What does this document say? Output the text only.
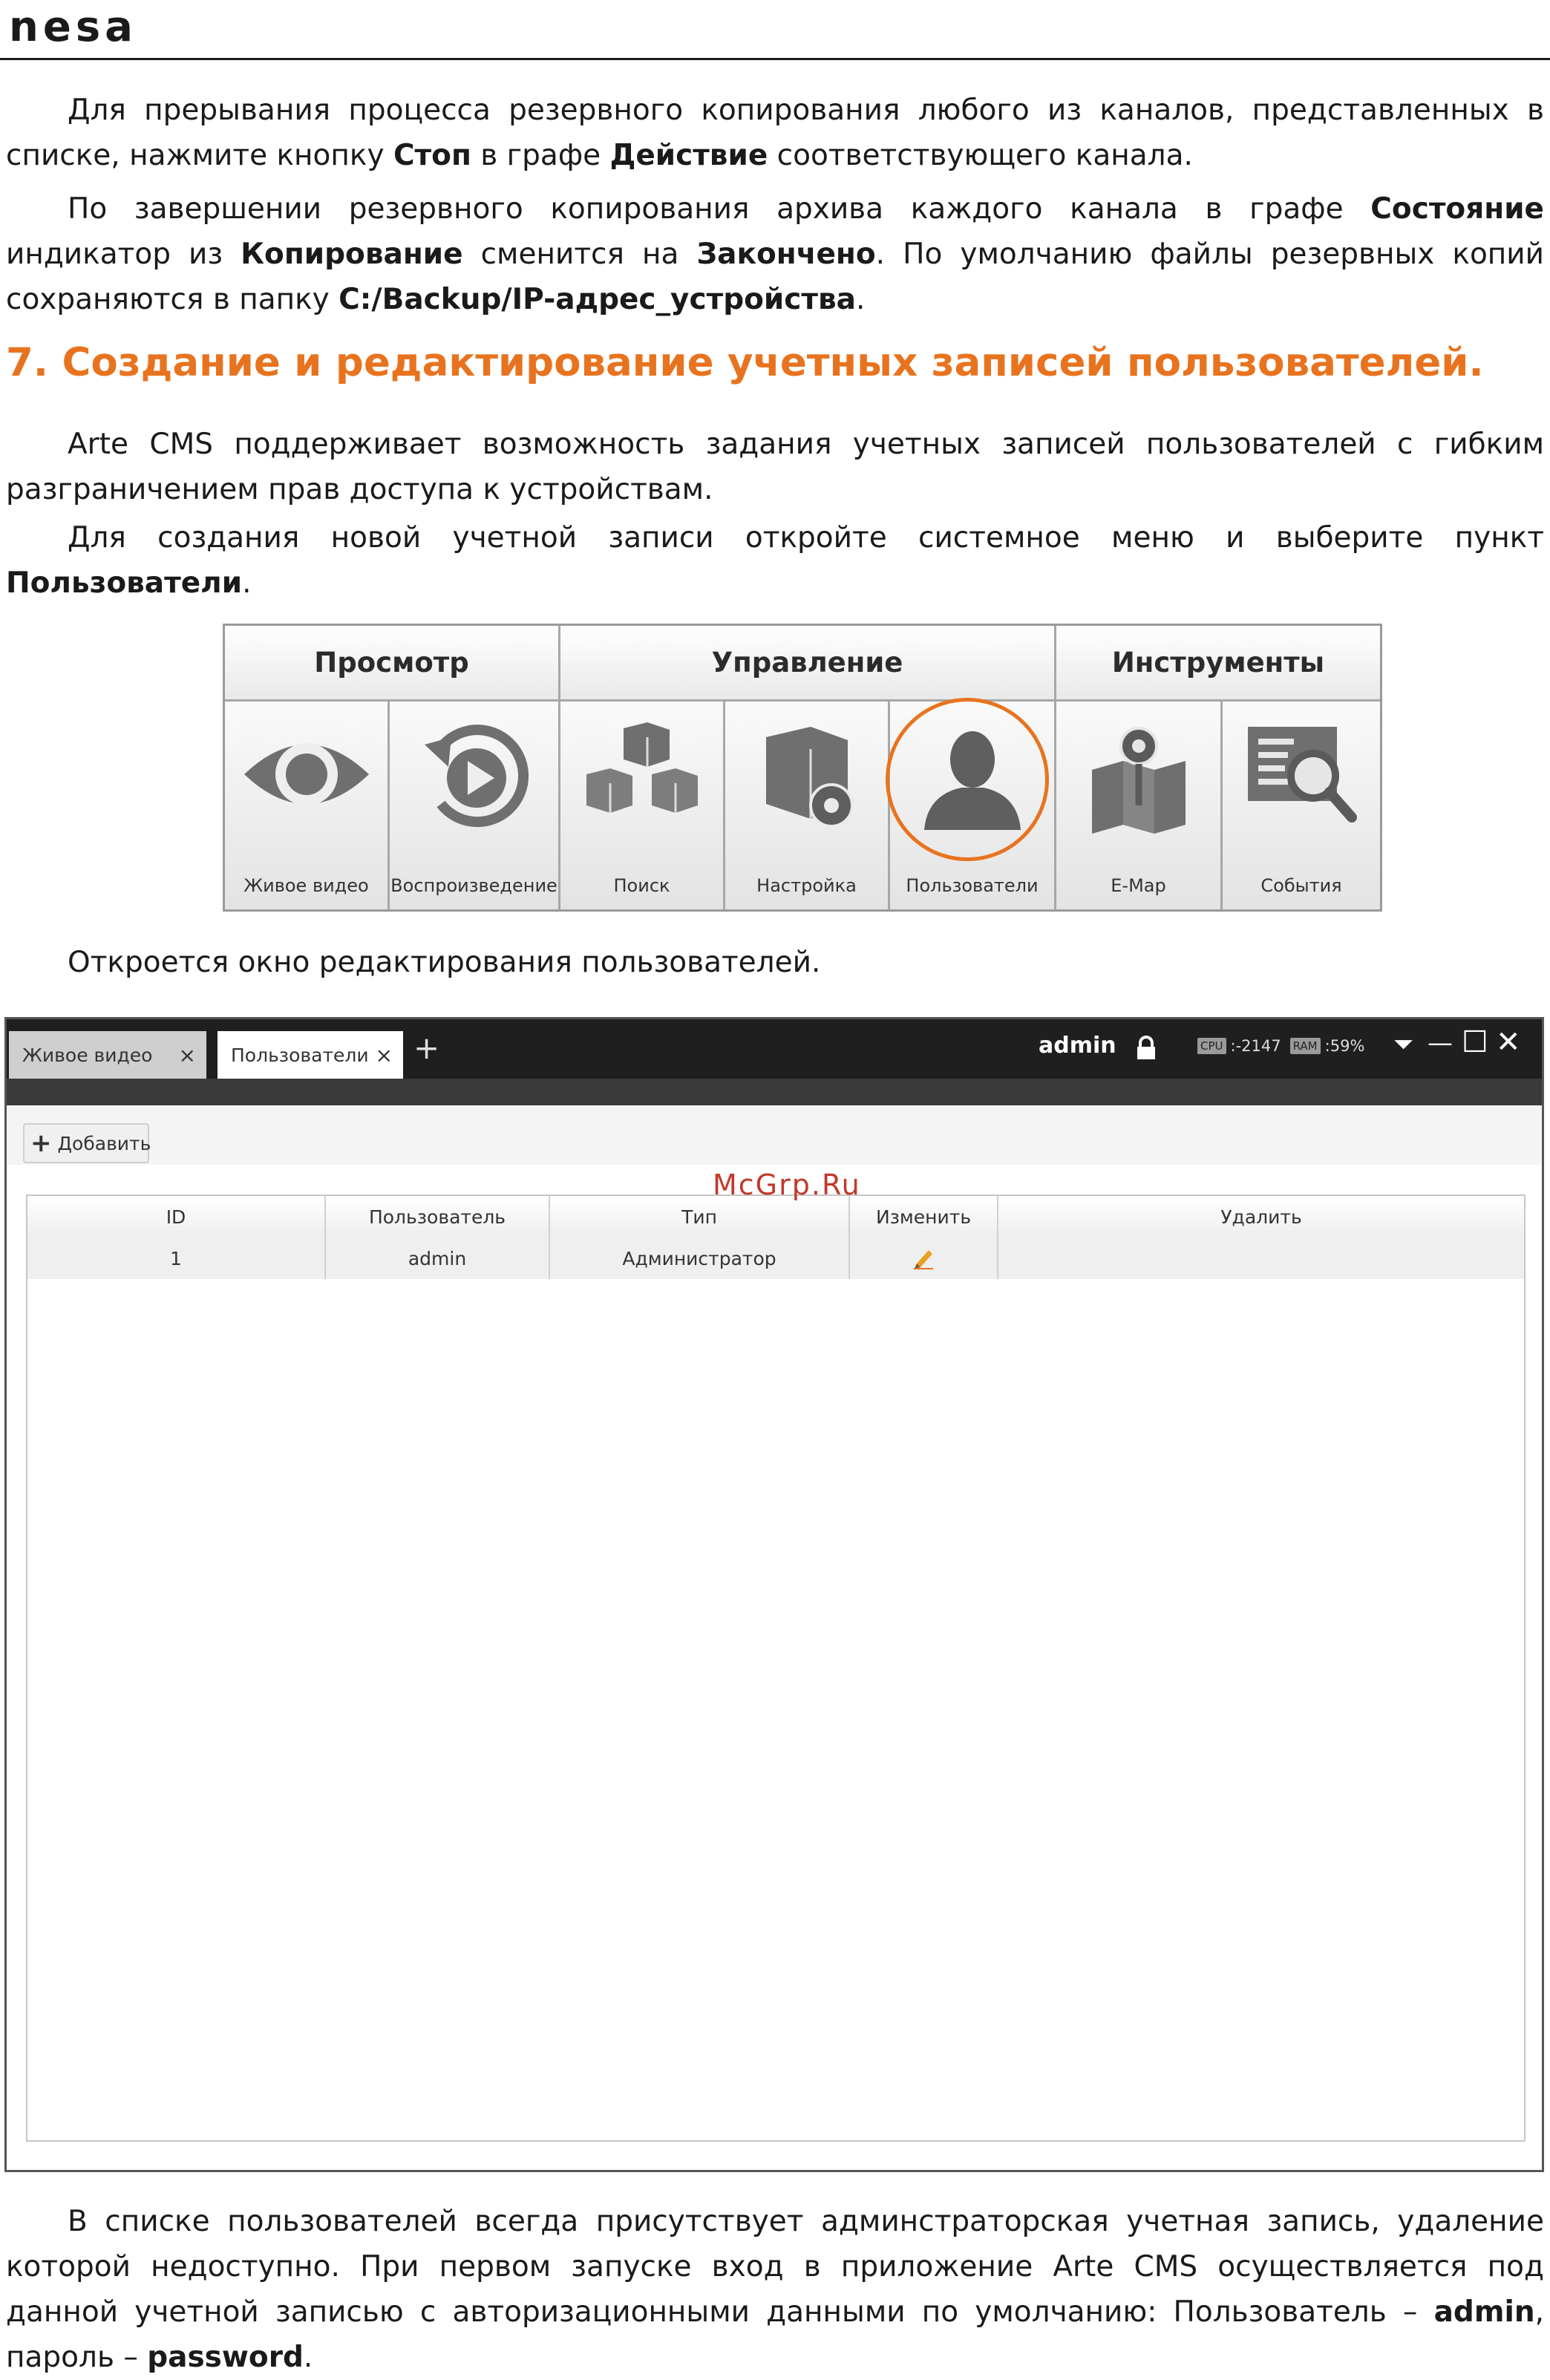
nesa
Для прерывания процесса резервного копирования любого из каналов, представленных в списке, нажмите кнопку Стоп в графе Действие соответствующего канала.
По завершении резервного копирования архива каждого канала в графе Состояние индикатор из Копирование сменится на Закончено. По умолчанию файлы резервных копий сохраняются в папку C:/Backup/IP-адрес_устройства.
7. Создание и редактирование учетных записей пользователей.
Arte CMS поддерживает возможность задания учетных записей пользователей с гибким разграничением прав доступа к устройствам.
Для создания новой учетной записи откройте системное меню и выберите пункт Пользователи.
Просмотр	Управление	Инструменты
Живое видео	Воспроизведение	Поиск	Настройка	Пользователи	E-Map	События
Откроется окно редактирования пользователей.
Живое видео × Пользователи × +	admin	CPU :-2147 RAM :59% ⏷ — ☐ ✕
+ Добавить
ID	Пользователь	Тип	Изменить	Удалить
1	admin	Администратор
McGrp.Ru
В списке пользователей всегда присутствует админстраторская учетная запись, удаление которой недоступно. При первом запуске вход в приложение Arte CMS осуществляется под данной учетной записью с авторизационными данными по умолчанию: Пользователь – admin, пароль – password.
